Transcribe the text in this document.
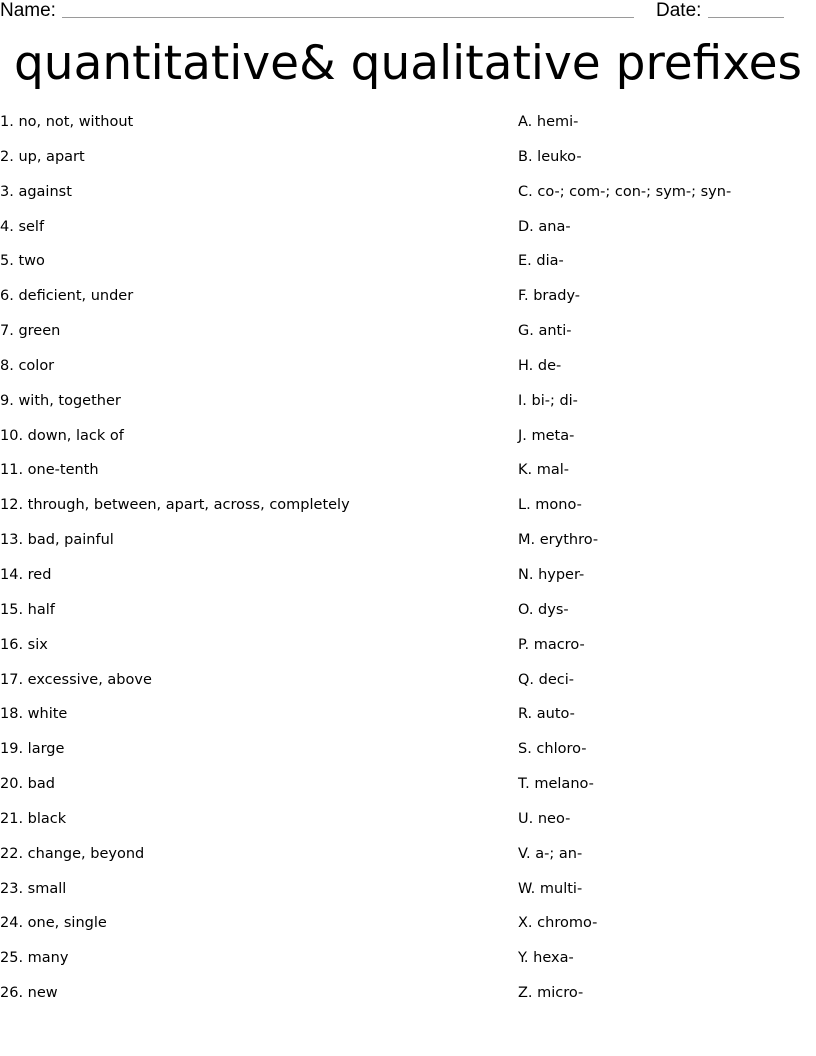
Name:	Date:
quantitative& qualitative prefixes
1. no, not, without
2. up, apart
3. against
4. self
5. two
6. deficient, under
7. green
8. color
9. with, together
10. down, lack of
11. one-tenth
12. through, between, apart, across, completely
13. bad, painful
14. red
15. half
16. six
17. excessive, above
18. white
19. large
20. bad
21. black
22. change, beyond
23. small
24. one, single
25. many
26. new
A. hemi-
B. leuko-
C. co-; com-; con-; sym-; syn-
D. ana-
E. dia-
F. brady-
G. anti-
H. de-
I. bi-; di-
J. meta-
K. mal-
L. mono-
M. erythro-
N. hyper-
O. dys-
P. macro-
Q. deci-
R. auto-
S. chloro-
T. melano-
U. neo-
V. a-; an-
W. multi-
X. chromo-
Y. hexa-
Z. micro-
